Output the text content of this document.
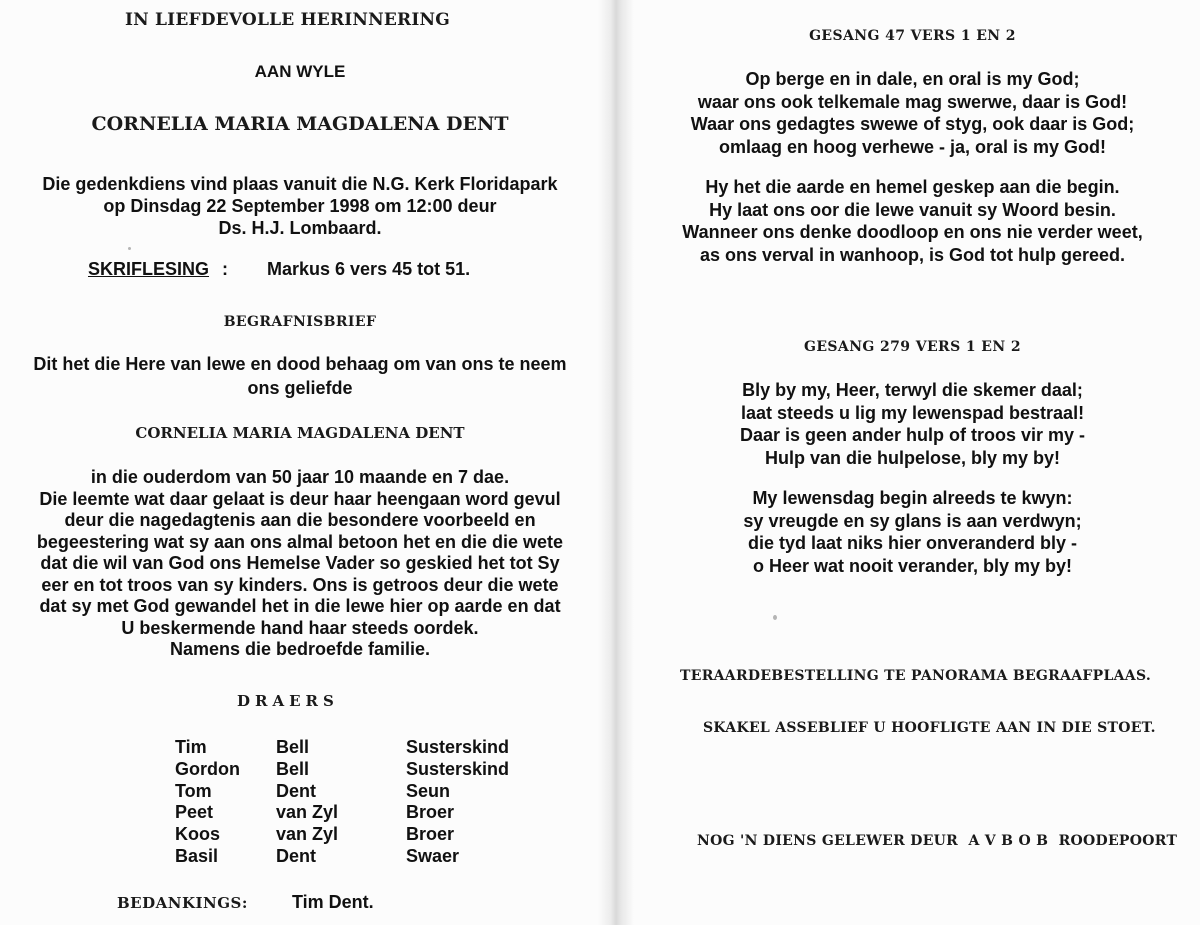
IN LIEFDEVOLLE HERINNERING
AAN WYLE
CORNELIA MARIA MAGDALENA DENT
Die gedenkdiens vind plaas vanuit die N.G. Kerk Floridapark
op Dinsdag 22 September 1998 om 12:00 deur
Ds. H.J. Lombaard.
SKRIFLESING : Markus 6 vers 45 tot 51.
BEGRAFNISBRIEF
Dit het die Here van lewe en dood behaag om van ons te neem
ons geliefde
CORNELIA MARIA MAGDALENA DENT
in die ouderdom van 50 jaar 10 maande en 7 dae.
Die leemte wat daar gelaat is deur haar heengaan word gevul
deur die nagedagtenis aan die besondere voorbeeld en
begeestering wat sy aan ons almal betoon het en die die wete
dat die wil van God ons Hemelse Vader so geskied het tot Sy
eer en tot troos van sy kinders. Ons is getroos deur die wete
dat sy met God gewandel het in die lewe hier op aarde en dat
U beskermende hand haar steeds oordek.
Namens die bedroefde familie.
DRAERS
Tim	Bell	Susterskind
Gordon Bell	Susterskind
Tom	Dent	Seun
Peet	van Zyl	Broer
Koos	van Zyl	Broer
Basil	Dent	Swaer
BEDANKINGS: Tim Dent.
GESANG 47 VERS 1 EN 2
Op berge en in dale, en oral is my God;
waar ons ook telkemale mag swerwe, daar is God!
Waar ons gedagtes swewe of styg, ook daar is God;
omlaag en hoog verhewe - ja, oral is my God!
Hy het die aarde en hemel geskep aan die begin.
Hy laat ons oor die lewe vanuit sy Woord besin.
Wanneer ons denke doodloop en ons nie verder weet,
as ons verval in wanhoop, is God tot hulp gereed.
GESANG 279 VERS 1 EN 2
Bly by my, Heer, terwyl die skemer daal;
laat steeds u lig my lewenspad bestraal!
Daar is geen ander hulp of troos vir my -
Hulp van die hulpelose, bly my by!
My lewensdag begin alreeds te kwyn:
sy vreugde en sy glans is aan verdwyn;
die tyd laat niks hier onveranderd bly -
o Heer wat nooit verander, bly my by!
TERAARDEBESTELLING TE PANORAMA BEGRAAFPLAAS.
SKAKEL ASSEBLIEF U HOOFLIGTE AAN IN DIE STOET.
NOG 'N DIENS GELEWER DEUR  A V B O B  ROODEPOORT
